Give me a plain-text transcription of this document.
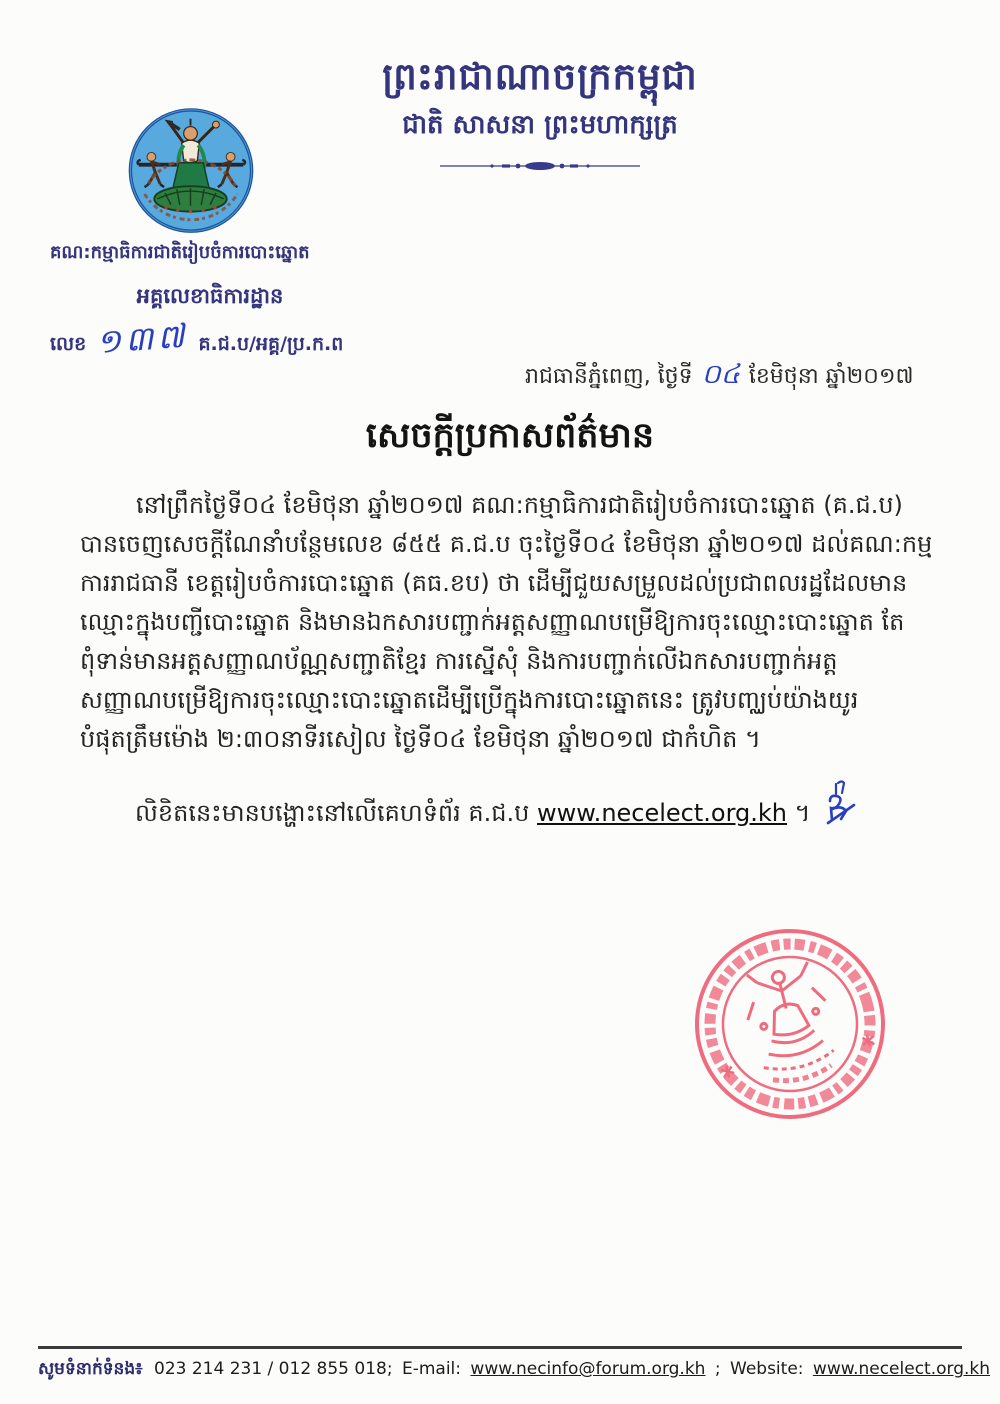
ព្រះរាជាណាចក្រកម្ពុជា
ជាតិ សាសនា ព្រះមហាក្សត្រ
គណ:កម្មាធិការជាតិរៀបចំការបោះឆ្នោត
អគ្គលេខាធិការដ្ឋាន
លេខ ១៣៧ គ.ជ.ប/អគ្គ/ប្រ.ក.ព
រាជធានីភ្នំពេញ, ថ្ងៃទី ០៤ ខែមិថុនា ឆ្នាំ២០១៧
សេចក្ដីប្រកាសព័ត៌មាន
នៅព្រឹកថ្ងៃទី០៤ ខែមិថុនា ឆ្នាំ២០១៧ គណ:កម្មាធិការជាតិរៀបចំការបោះឆ្នោត (គ.ជ.ប)
បានចេញសេចក្ដីណែនាំបន្ថែមលេខ ៨៥៥ គ.ជ.ប ចុះថ្ងៃទី០៤ ខែមិថុនា ឆ្នាំ២០១៧ ដល់គណ:កម្ម
ការរាជធានី ខេត្តរៀបចំការបោះឆ្នោត (គធ.ខប) ថា ដើម្បីជួយសម្រួលដល់ប្រជាពលរដ្ឋដែលមាន
ឈ្មោះក្នុងបញ្ជីបោះឆ្នោត និងមានឯកសារបញ្ជាក់អត្តសញ្ញាណបម្រើឱ្យការចុះឈ្មោះបោះឆ្នោត តែ
ពុំទាន់មានអត្តសញ្ញាណប័ណ្ណសញ្ជាតិខ្មែរ ការស្នើសុំ និងការបញ្ជាក់លើឯកសារបញ្ជាក់អត្ត
សញ្ញាណបម្រើឱ្យការចុះឈ្មោះបោះឆ្នោតដើម្បីប្រើក្នុងការបោះឆ្នោតនេះ ត្រូវបញ្ឈប់យ៉ាងយូរ
បំផុតត្រឹមម៉ោង ២:៣០នាទីរសៀល ថ្ងៃទី០៤ ខែមិថុនា ឆ្នាំ២០១៧ ជាកំហិត ។
លិខិតនេះមានបង្ហោះនៅលើគេហទំព័រ គ.ជ.ប www.necelect.org.kh ។
សូមទំនាក់ទំនង៖ 023 214 231 / 012 855 018; E-mail: www.necinfo@forum.org.kh ; Website: www.necelect.org.kh
